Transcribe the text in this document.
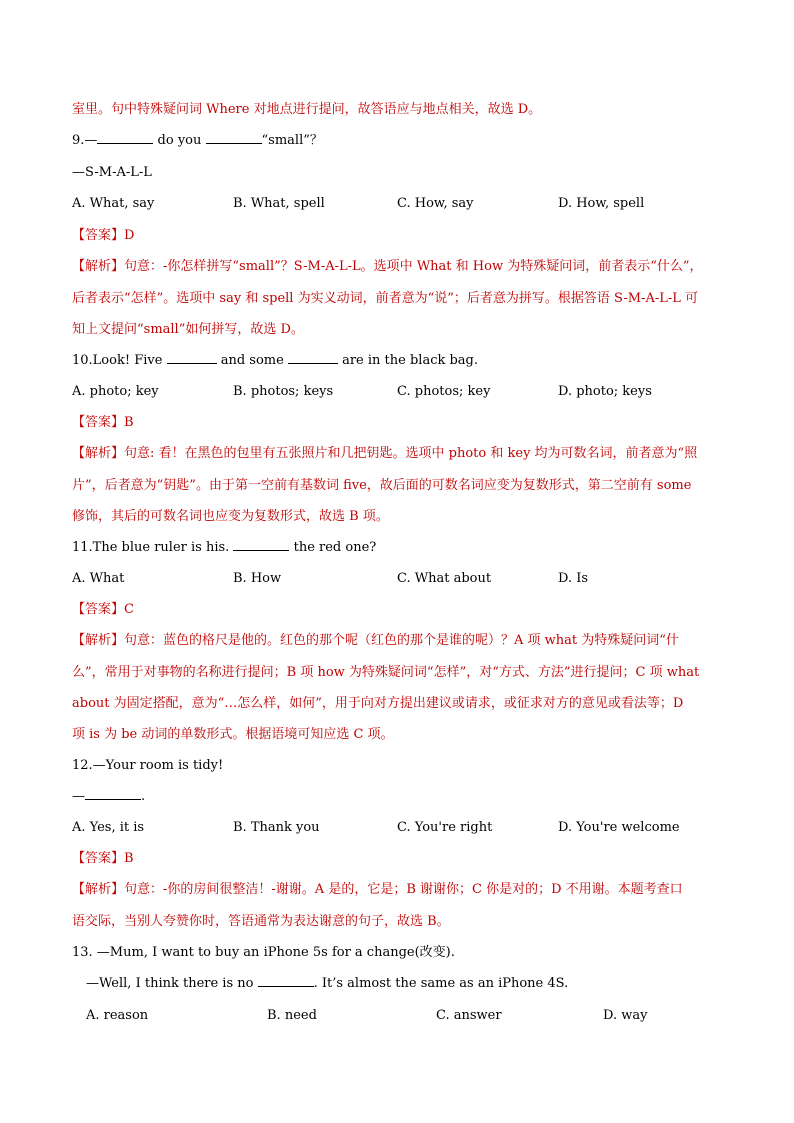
室里。句中特殊疑问词 Where 对地点进行提问，故答语应与地点相关，故选 D。
9.—	do you	“small”？
—S-M-A-L-L
A. What, say	B. What, spell	C. How, say	D. How, spell
【答案】D
【解析】句意：-你怎样拼写“small”？S-M-A-L-L。选项中 What 和 How 为特殊疑问词，前者表示“什么”，
后者表示“怎样”。选项中 say 和 spell 为实义动词，前者意为“说”；后者意为拼写。根据答语 S-M-A-L-L 可
知上文提问“small”如何拼写，故选 D。
10.Look! Five	and some	are in the black bag.
A. photo; key	B. photos; keys	C. photos; key	D. photo; keys
【答案】B
【解析】句意: 看！在黑色的包里有五张照片和几把钥匙。选项中 photo 和 key 均为可数名词，前者意为“照
片”，后者意为“钥匙”。由于第一空前有基数词 five，故后面的可数名词应变为复数形式，第二空前有 some
修饰，其后的可数名词也应变为复数形式，故选 B 项。
11.The blue ruler is his.	the red one?
A. What	B. How	C. What about	D. Is
【答案】C
【解析】句意：蓝色的格尺是他的。红色的那个呢（红色的那个是谁的呢）？A 项 what 为特殊疑问词“什
么”，常用于对事物的名称进行提问；B 项 how 为特殊疑问词“怎样”，对“方式、方法”进行提问；C 项 what
about 为固定搭配，意为“…怎么样，如何”，用于向对方提出建议或请求，或征求对方的意见或看法等；D
项 is 为 be 动词的单数形式。根据语境可知应选 C 项。
12.—Your room is tidy!
—	.
A. Yes, it is	B. Thank you	C. You're right	D. You're welcome
【答案】B
【解析】句意：-你的房间很整洁！-谢谢。A 是的，它是；B 谢谢你；C 你是对的；D 不用谢。本题考查口
语交际，当别人夸赞你时，答语通常为表达谢意的句子，故选 B。
13. —Mum, I want to buy an iPhone 5s for a change(改变).
—Well, I think there is no	. It’s almost the same as an iPhone 4S.
A. reason	B. need	C. answer	D. way
